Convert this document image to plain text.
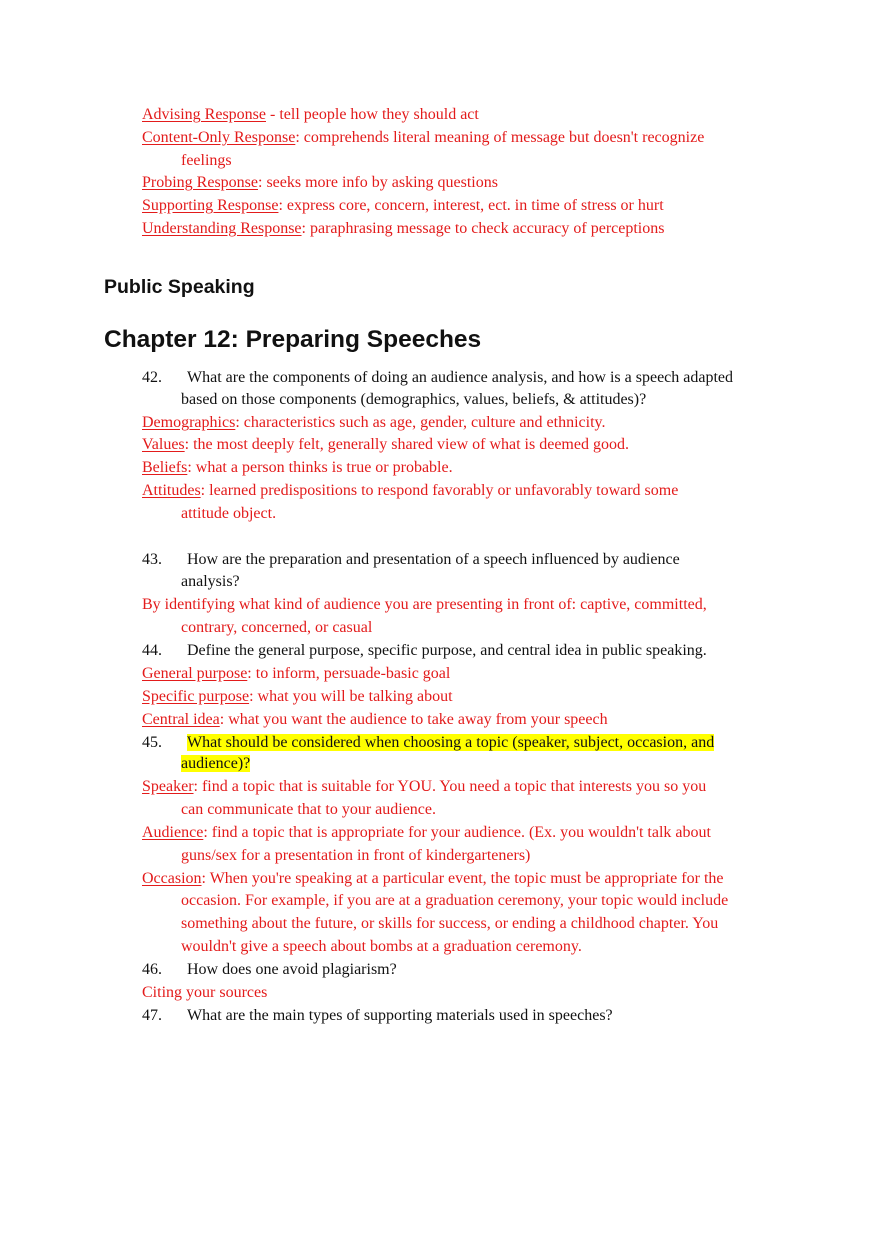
Advising Response - tell people how they should act
Content-Only Response: comprehends literal meaning of message but doesn't recognize
feelings
Probing Response: seeks more info by asking questions
Supporting Response: express core, concern, interest, ect. in time of stress or hurt
Understanding Response: paraphrasing message to check accuracy of perceptions
Public Speaking
Chapter 12: Preparing Speeches
42. What are the components of doing an audience analysis, and how is a speech adapted
based on those components (demographics, values, beliefs, & attitudes)?
Demographics: characteristics such as age, gender, culture and ethnicity.
Values: the most deeply felt, generally shared view of what is deemed good.
Beliefs: what a person thinks is true or probable.
Attitudes: learned predispositions to respond favorably or unfavorably toward some
attitude object.
43. How are the preparation and presentation of a speech influenced by audience
analysis?
By identifying what kind of audience you are presenting in front of: captive, committed,
contrary, concerned, or casual
44. Define the general purpose, specific purpose, and central idea in public speaking.
General purpose: to inform, persuade-basic goal
Specific purpose: what you will be talking about
Central idea: what you want the audience to take away from your speech
45. What should be considered when choosing a topic (speaker, subject, occasion, and
audience)?
Speaker: find a topic that is suitable for YOU. You need a topic that interests you so you
can communicate that to your audience.
Audience: find a topic that is appropriate for your audience. (Ex. you wouldn't talk about
guns/sex for a presentation in front of kindergarteners)
Occasion: When you're speaking at a particular event, the topic must be appropriate for the
occasion. For example, if you are at a graduation ceremony, your topic would include
something about the future, or skills for success, or ending a childhood chapter. You
wouldn't give a speech about bombs at a graduation ceremony.
46. How does one avoid plagiarism?
Citing your sources
47. What are the main types of supporting materials used in speeches?
